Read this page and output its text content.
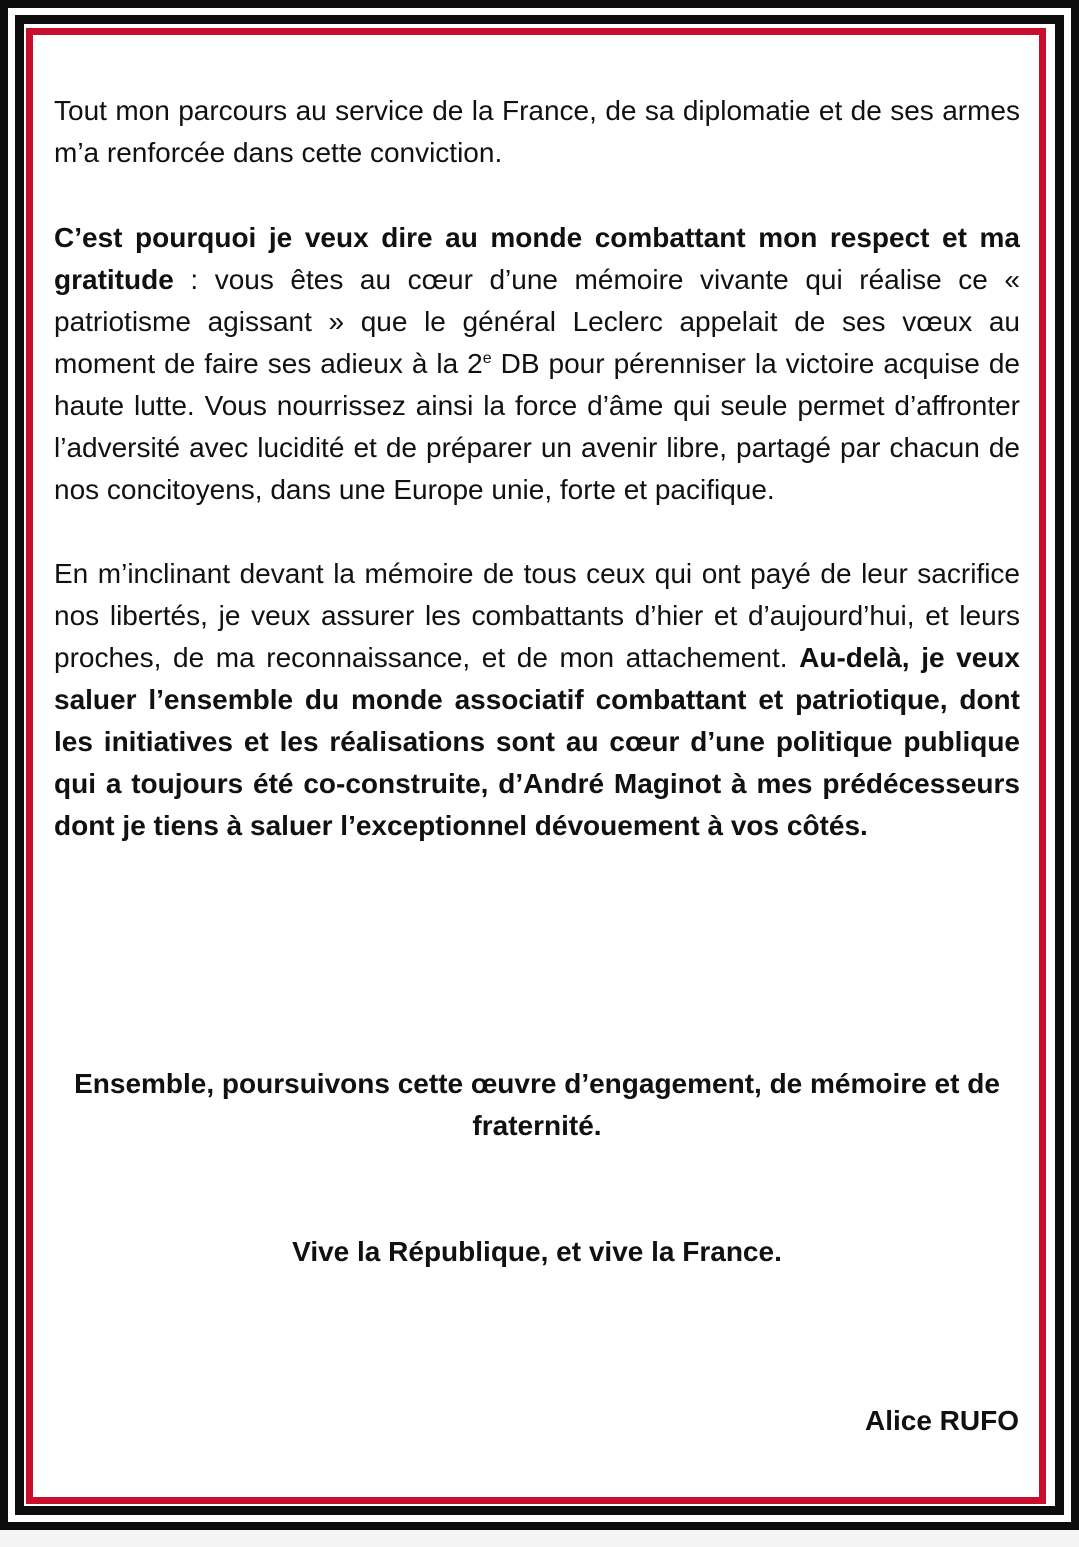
Tout mon parcours au service de la France, de sa diplomatie et de ses armes m’a renforcée dans cette conviction.

C’est pourquoi je veux dire au monde combattant mon respect et ma gratitude : vous êtes au cœur d’une mémoire vivante qui réalise ce « patriotisme agissant » que le général Leclerc appelait de ses vœux au moment de faire ses adieux à la 2e DB pour pérenniser la victoire acquise de haute lutte. Vous nourrissez ainsi la force d’âme qui seule permet d’affronter l’adversité avec lucidité et de préparer un avenir libre, partagé par chacun de nos concitoyens, dans une Europe unie, forte et pacifique.

En m’inclinant devant la mémoire de tous ceux qui ont payé de leur sacrifice nos libertés, je veux assurer les combattants d’hier et d’aujourd’hui, et leurs proches, de ma reconnaissance, et de mon attachement. Au-delà, je veux saluer l’ensemble du monde associatif combattant et patriotique, dont les initiatives et les réalisations sont au cœur d’une politique publique qui a toujours été co-construite, d’André Maginot à mes prédécesseurs dont je tiens à saluer l’exceptionnel dévouement à vos côtés.

Ensemble, poursuivons cette œuvre d’engagement, de mémoire et de fraternité.
Vive la République, et vive la France.
Alice RUFO
